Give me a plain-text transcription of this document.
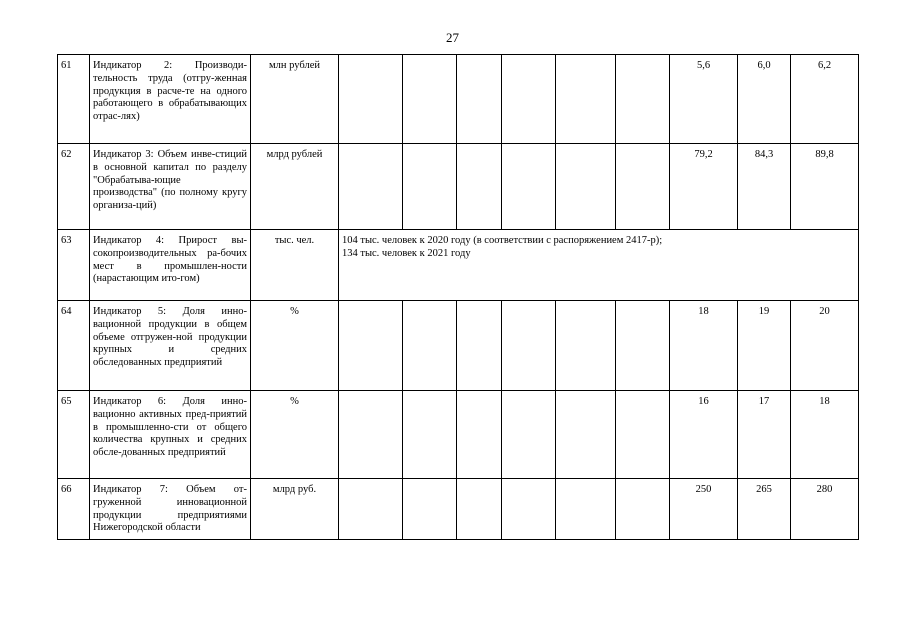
27
61	Индикатор 2: Производи-тельность труда (отгру-женная продукция в расче-те на одного работающего в обрабатывающих отрас-лях)	млн рублей							5,6	6,0	6,2
62	Индикатор 3: Объем инве-стиций в основной капитал по разделу "Обрабатыва-ющие производства" (по полному кругу организа-ций)	млрд рублей							79,2	84,3	89,8
63	Индикатор 4: Прирост вы-сокопроизводительных ра-бочих мест в промышлен-ности (нарастающим ито-гом)	тыс. чел.	104 тыс. человек к 2020 году (в соответствии с распоряжением 2417-р);
134 тыс. человек к 2021 году								

64	Индикатор 5: Доля инно-вационной продукции в общем объеме отгружен-ной продукции крупных и средних обследованных предприятий	%							18	19	20
65	Индикатор 6: Доля инно-вационно активных пред-приятий в промышленно-сти от общего количества крупных и средних обсле-дованных предприятий	%							16	17	18
66	Индикатор 7: Объем от-груженной инновационной продукции предприятиями Нижегородской области	млрд руб.							250	265	280
